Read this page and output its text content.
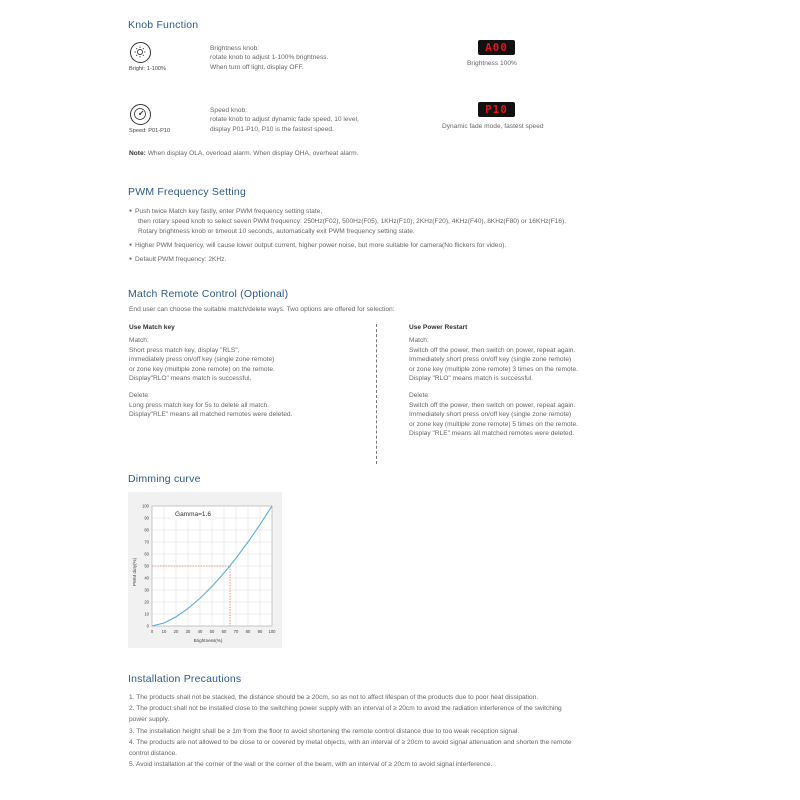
Knob Function
Bright: 1-100%
Brightness knob:
rotate knob to adjust 1-100% brightness.
When turn off light, display OFF.
A00
Brightness 100%
Speed: P01-P10
Speed knob:
rotate knob to adjust dynamic fade speed, 10 level,
display P01-P10, P10 is the fastest speed.
P10
Dynamic fade mode, fastest speed
Note: When display OLA, overload alarm. When display OHA, overheat alarm.
PWM Frequency Setting
● Push twice Match key fastly, enter PWM frequency setting state,
then rotary speed knob to select seven PWM frequency: 250Hz(F02), 500Hz(F05), 1KHz(F10), 2KHz(F20), 4KHz(F40), 8KHz(F80) or 16KHz(F16).
Rotary brightness knob or timeout 10 seconds, automatically exit PWM frequency setting state.
● Higher PWM frequency, will cause lower output current, higher power noise, but more suitable for camera(No flickers for video).
● Default PWM frequency: 2KHz.
Match Remote Control (Optional)
End user can choose the suitable match/delete ways. Two options are offered for selection:
Use Match key
Match:
Short press match key, display "RLS",
immediately press on/off key (single zone remote)
or zone key (multiple zone remote) on the remote.
Display"RLO" means match is successful.
Delete:
Long press match key for 5s to delete all match.
Display"RLE" means all matched remotes were deleted.
Use Power Restart
Match:
Switch off the power, then switch on power, repeat again.
Immediately short press on/off key (single zone remote)
or zone key (multiple zone remote) 3 times on the remote.
Display "RLO" means match is successful.
Delete:
Switch off the power, then switch on power, repeat again.
Immediately short press on/off key (single zone remote)
or zone key (multiple zone remote) 5 times on the remote.
Display "RLE" means all matched remotes were deleted.
Dimming curve
0 10 20 30 40 50 60 70 80 90 100
0
10
20
30
40
50
60
70
80
90
100
Gamma=1.6
Brightness(%)
PWM duty(%)
Installation Precautions
1. The products shall not be stacked, the distance should be ≥ 20cm, so as not to affect lifespan of the products due to poor heat dissipation.
2. The product shall not be installed close to the switching power supply with an interval of ≥ 20cm to avoid the radiation interference of the switching
power supply.
3. The installation height shall be ≥ 1m from the floor to avoid shortening the remote control distance due to too weak reception signal.
4. The products are not allowed to be close to or covered by metal objects, with an interval of ≥ 20cm to avoid signal attenuation and shorten the remote
control distance.
5. Avoid installation at the corner of the wall or the corner of the beam, with an interval of ≥ 20cm to avoid signal interference.
